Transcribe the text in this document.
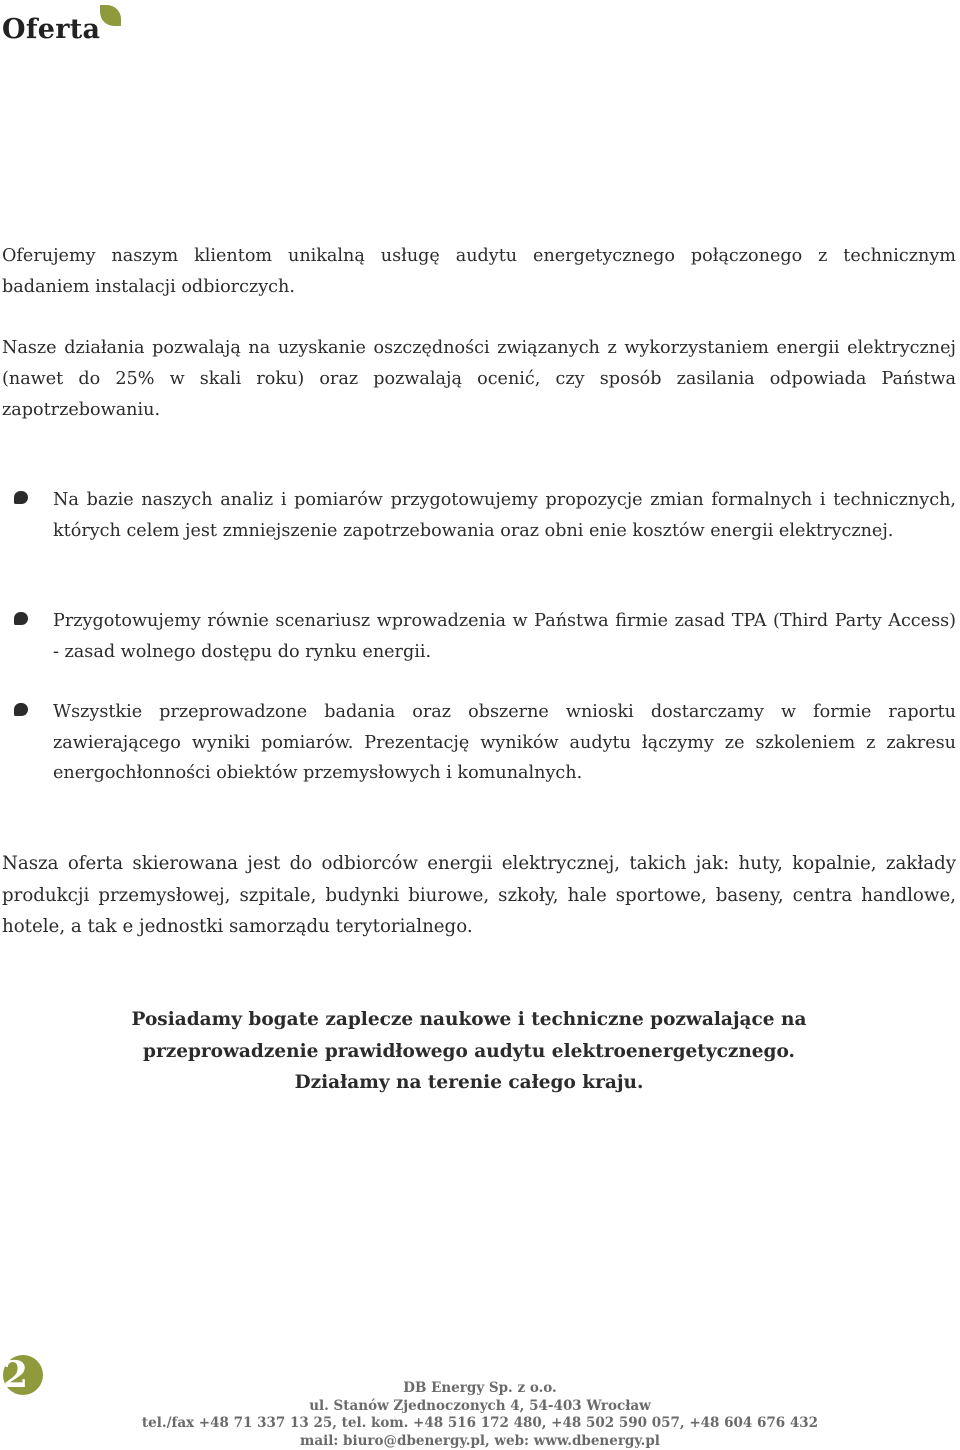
Oferta

Oferujemy naszym klientom unikalną usługę audytu energetycznego połączonego z technicznym badaniem instalacji odbiorczych.

Nasze działania pozwalają na uzyskanie oszczędności związanych z wykorzystaniem energii elektrycznej (nawet do 25% w skali roku) oraz pozwalają ocenić, czy sposób zasilania odpowiada Państwa zapotrzebowaniu.

Na bazie naszych analiz i pomiarów przygotowujemy propozycje zmian formalnych i technicznych, których celem jest zmniejszenie zapotrzebowania oraz obni enie kosztów energii elektrycznej.

Przygotowujemy równie scenariusz wprowadzenia w Państwa firmie zasad TPA (Third Party Access) - zasad wolnego dostępu do rynku energii.

Wszystkie przeprowadzone badania oraz obszerne wnioski dostarczamy w formie raportu zawierającego wyniki pomiarów. Prezentację wyników audytu łączymy ze szkoleniem z zakresu energochłonności obiektów przemysłowych i komunalnych.

Nasza oferta skierowana jest do odbiorców energii elektrycznej, takich jak: huty, kopalnie, zakłady produkcji przemysłowej, szpitale, budynki biurowe, szkoły, hale sportowe, baseny, centra handlowe, hotele, a tak e jednostki samorządu terytorialnego.

Posiadamy bogate zaplecze naukowe i techniczne pozwalające na
przeprowadzenie prawidłowego audytu elektroenergetycznego.
Działamy na terenie całego kraju.
2	DB Energy Sp. z o.o.
ul. Stanów Zjednoczonych 4, 54-403 Wrocław
tel./fax +48 71 337 13 25, tel. kom. +48 516 172 480, +48 502 590 057, +48 604 676 432
mail: biuro@dbenergy.pl, web: www.dbenergy.pl
